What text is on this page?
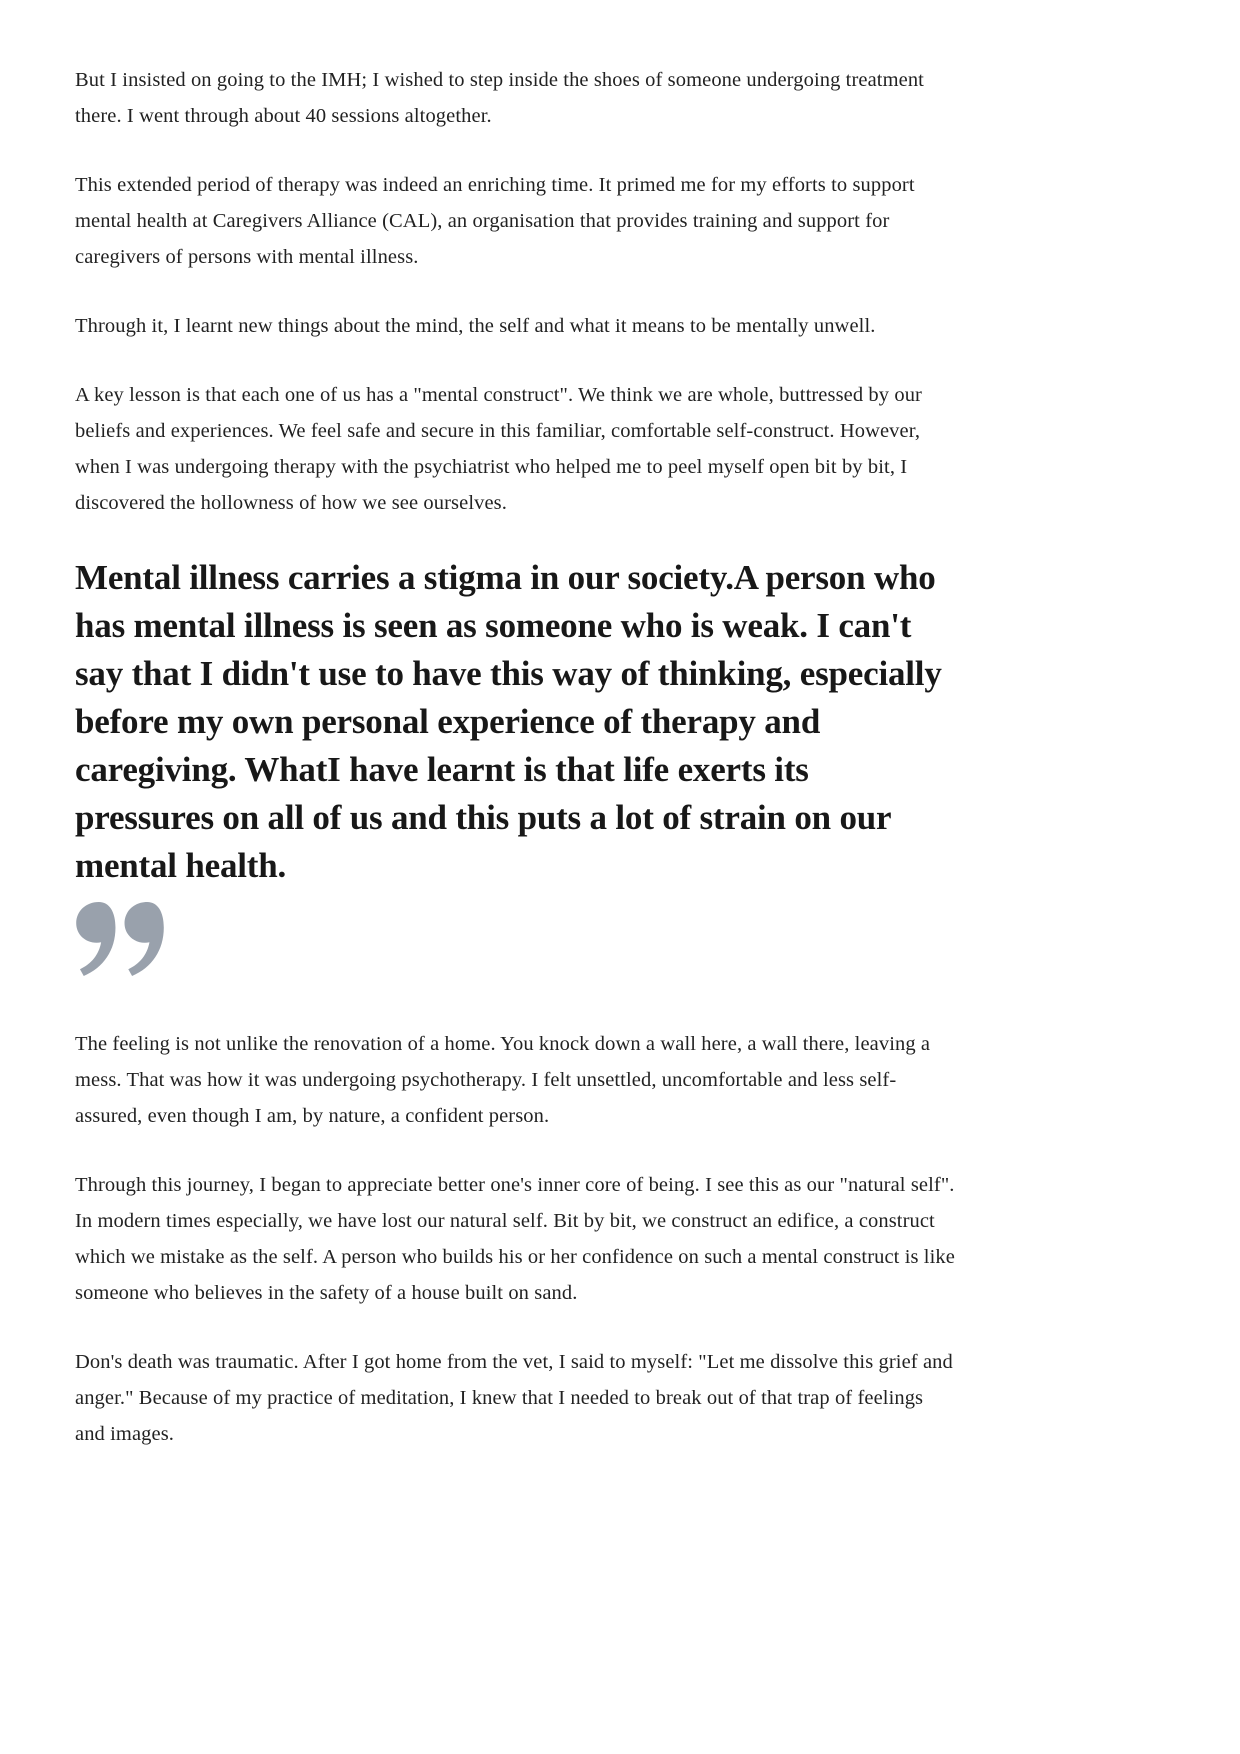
But I insisted on going to the IMH; I wished to step inside the shoes of someone undergoing treatment there. I went through about 40 sessions altogether.

This extended period of therapy was indeed an enriching time. It primed me for my efforts to support mental health at Caregivers Alliance (CAL), an organisation that provides training and support for caregivers of persons with mental illness.

Through it, I learnt new things about the mind, the self and what it means to be mentally unwell.

A key lesson is that each one of us has a "mental construct". We think we are whole, buttressed by our beliefs and experiences. We feel safe and secure in this familiar, comfortable self-construct. However, when I was undergoing therapy with the psychiatrist who helped me to peel myself open bit by bit, I discovered the hollowness of how we see ourselves.

Mental illness carries a stigma in our society.A person who has mental illness is seen as someone who is weak. I can't say that I didn't use to have this way of thinking, especially before my own personal experience of therapy and caregiving. WhatI have learnt is that life exerts its pressures on all of us and this puts a lot of strain on our mental health.

The feeling is not unlike the renovation of a home. You knock down a wall here, a wall there, leaving a mess. That was how it was undergoing psychotherapy. I felt unsettled, uncomfortable and less self-assured, even though I am, by nature, a confident person.

Through this journey, I began to appreciate better one's inner core of being. I see this as our "natural self". In modern times especially, we have lost our natural self. Bit by bit, we construct an edifice, a construct which we mistake as the self. A person who builds his or her confidence on such a mental construct is like someone who believes in the safety of a house built on sand.

Don's death was traumatic. After I got home from the vet, I said to myself: "Let me dissolve this grief and anger." Because of my practice of meditation, I knew that I needed to break out of that trap of feelings and images.
